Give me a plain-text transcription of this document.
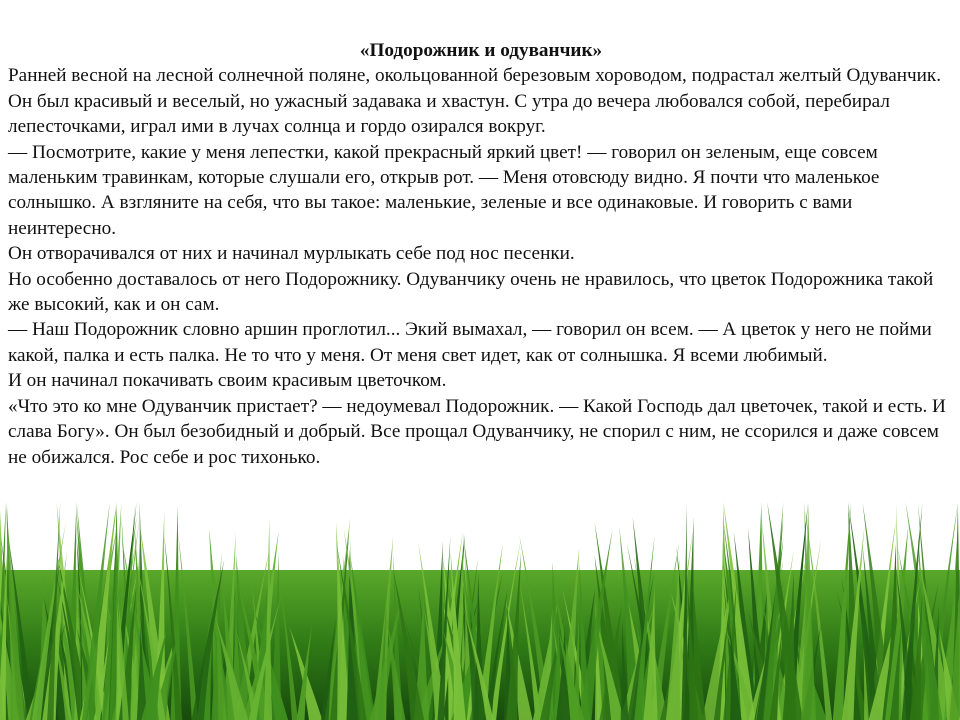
«Подорожник и одуванчик»

Ранней весной на лесной солнечной поляне, окольцованной березовым хороводом, подрастал желтый Одуванчик. Он был красивый и веселый, но ужасный задавака и хвастун. С утра до вечера любовался собой, перебирал лепесточками, играл ими в лучах солнца и гордо озирался вокруг.

— Посмотрите, какие у меня лепестки, какой прекрасный яркий цвет! — говорил он зеленым, еще совсем маленьким травинкам, которые слушали его, открыв рот. — Меня отовсюду видно. Я почти что маленькое солнышко. А взгляните на себя, что вы такое: маленькие, зеленые и все одинаковые. И говорить с вами неинтересно.

Он отворачивался от них и начинал мурлыкать себе под нос песенки.

Но особенно доставалось от него Подорожнику. Одуванчику очень не нравилось, что цветок Подорожника такой же высокий, как и он сам.

— Наш Подорожник словно аршин проглотил... Экий вымахал, — говорил он всем. — А цветок у него не пойми какой, палка и есть палка. Не то что у меня. От меня свет идет, как от солнышка. Я всеми любимый.

И он начинал покачивать своим красивым цветочком.

«Что это ко мне Одуванчик пристает? — недоумевал Подорожник. — Какой Господь дал цветочек, такой и есть. И слава Богу». Он был безобидный и добрый. Все прощал Одуванчику, не спорил с ним, не ссорился и даже совсем не обижался. Рос себе и рос тихонько.
